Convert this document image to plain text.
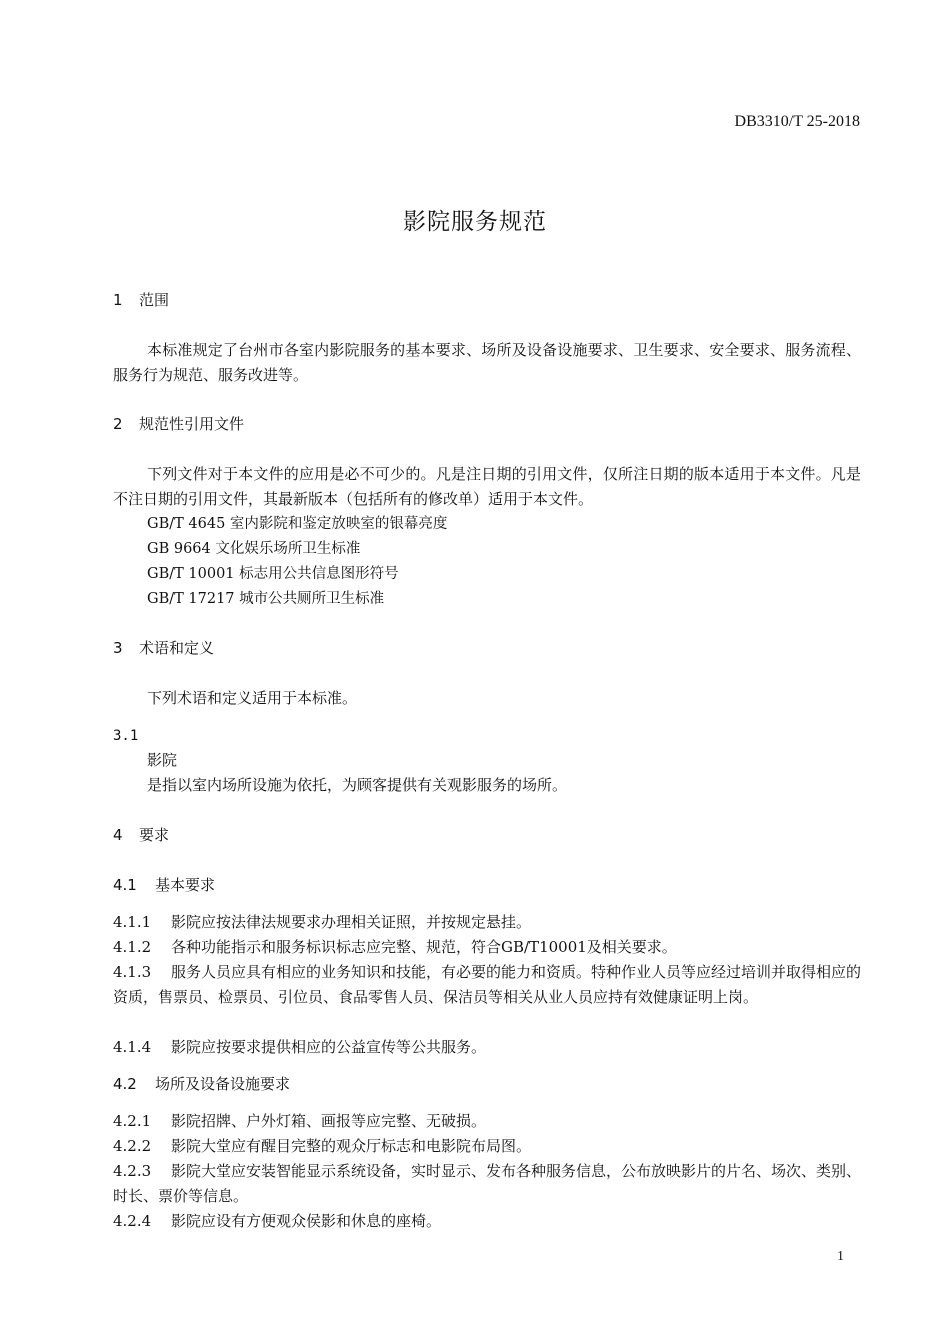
DB3310/T 25-2018
影院服务规范
1 范围
本标准规定了台州市各室内影院服务的基本要求、场所及设备设施要求、卫生要求、安全要求、服务流程、服务行为规范、服务改进等。
2 规范性引用文件
下列文件对于本文件的应用是必不可少的。凡是注日期的引用文件，仅所注日期的版本适用于本文件。凡是不注日期的引用文件，其最新版本（包括所有的修改单）适用于本文件。
GB/T 4645 室内影院和鉴定放映室的银幕亮度
GB 9664 文化娱乐场所卫生标准
GB/T 10001 标志用公共信息图形符号
GB/T 17217 城市公共厕所卫生标准
3 术语和定义
下列术语和定义适用于本标准。
3.1
影院
是指以室内场所设施为依托，为顾客提供有关观影服务的场所。
4 要求
4.1 基本要求
4.1.1 影院应按法律法规要求办理相关证照，并按规定悬挂。
4.1.2 各种功能指示和服务标识标志应完整、规范，符合GB/T10001及相关要求。
4.1.3 服务人员应具有相应的业务知识和技能，有必要的能力和资质。特种作业人员等应经过培训并取得相应的资质，售票员、检票员、引位员、食品零售人员、保洁员等相关从业人员应持有效健康证明上岗。
4.1.4 影院应按要求提供相应的公益宣传等公共服务。
4.2 场所及设备设施要求
4.2.1 影院招牌、户外灯箱、画报等应完整、无破损。
4.2.2 影院大堂应有醒目完整的观众厅标志和电影院布局图。
4.2.3 影院大堂应安装智能显示系统设备，实时显示、发布各种服务信息，公布放映影片的片名、场次、类别、时长、票价等信息。
4.2.4 影院应设有方便观众侯影和休息的座椅。
1
